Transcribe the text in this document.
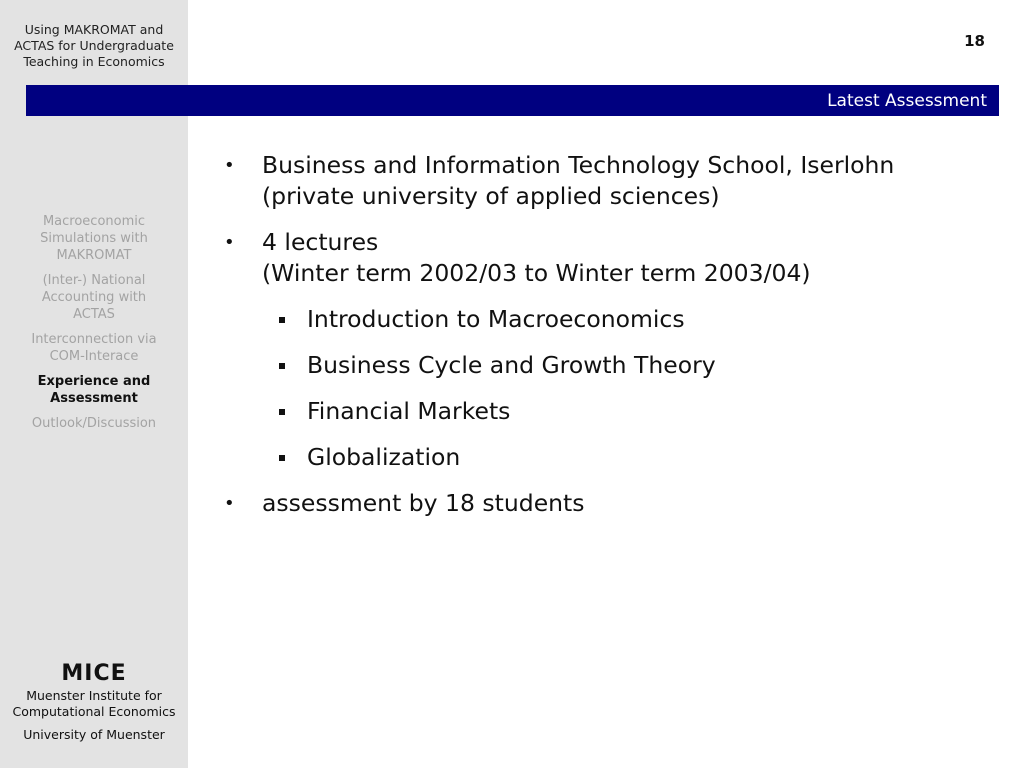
Using MAKROMAT and
ACTAS for Undergraduate
Teaching in Economics
Macroeconomic
Simulations with
MAKROMAT
(Inter-) National
Accounting with
ACTAS
Interconnection via
COM-Interace
Experience and
Assessment
Outlook/Discussion
MICE
Muenster Institute for
Computational Economics
University of Muenster
18
Latest Assessment
• Business and Information Technology School, Iserlohn
(private university of applied sciences)
• 4 lectures
(Winter term 2002/03 to Winter term 2003/04)
Introduction to Macroeconomics
Business Cycle and Growth Theory
Financial Markets
Globalization
• assessment by 18 students
